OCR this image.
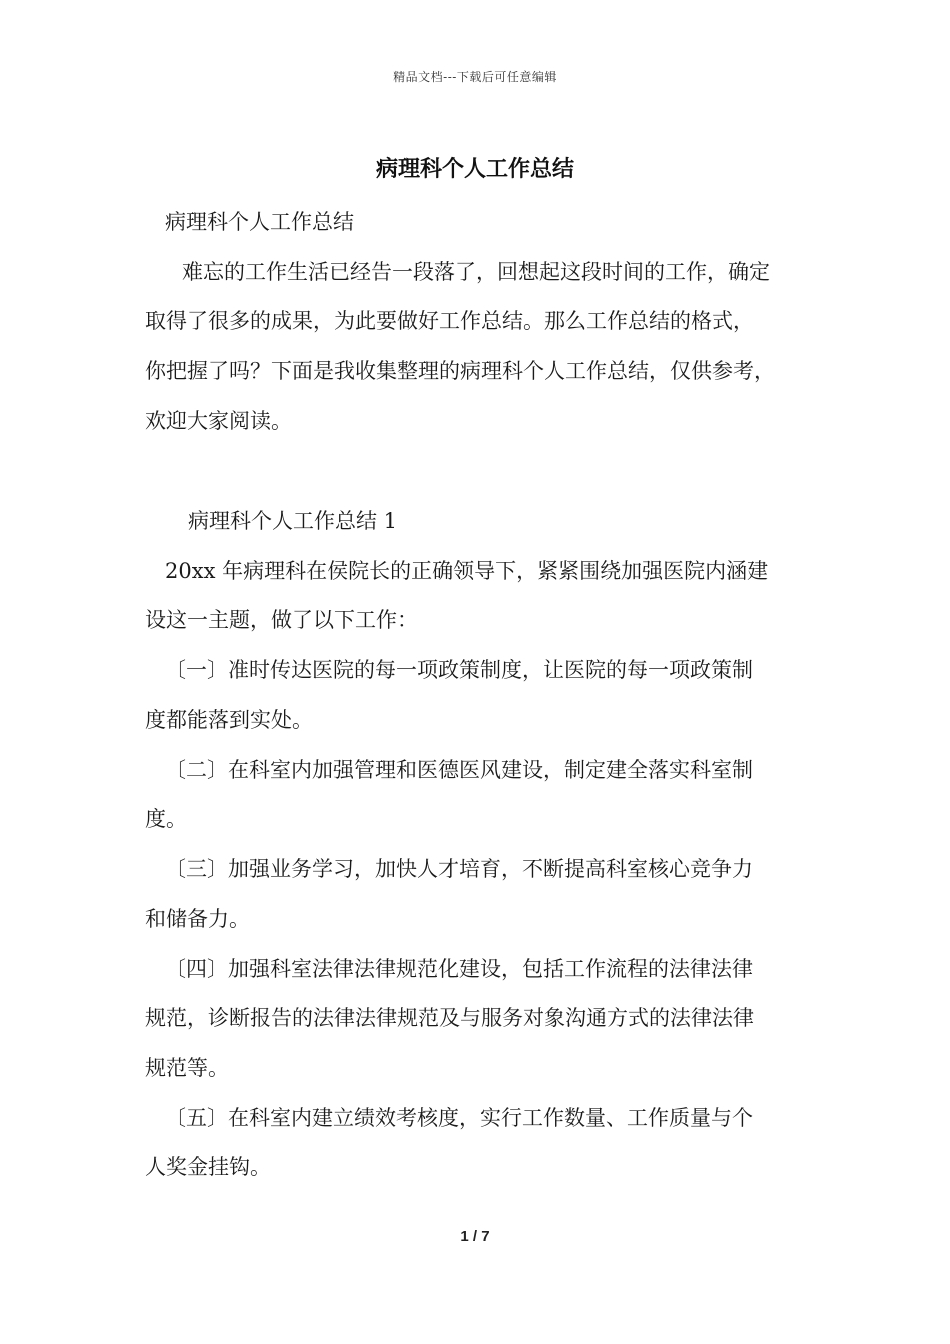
精品文档---下载后可任意编辑
病理科个人工作总结
病理科个人工作总结
难忘的工作生活已经告一段落了，回想起这段时间的工作，确定
取得了很多的成果，为此要做好工作总结。那么工作总结的格式，
你把握了吗？下面是我收集整理的病理科个人工作总结，仅供参考，
欢迎大家阅读。
病理科个人工作总结 1
20xx 年病理科在侯院长的正确领导下，紧紧围绕加强医院内涵建
设这一主题，做了以下工作：
〔一〕准时传达医院的每一项政策制度，让医院的每一项政策制
度都能落到实处。
〔二〕在科室内加强管理和医德医风建设，制定建全落实科室制
度。
〔三〕加强业务学习，加快人才培育，不断提高科室核心竞争力
和储备力。
〔四〕加强科室法律法律规范化建设，包括工作流程的法律法律
规范，诊断报告的法律法律规范及与服务对象沟通方式的法律法律
规范等。
〔五〕在科室内建立绩效考核度，实行工作数量、工作质量与个
人奖金挂钩。
1 / 7
